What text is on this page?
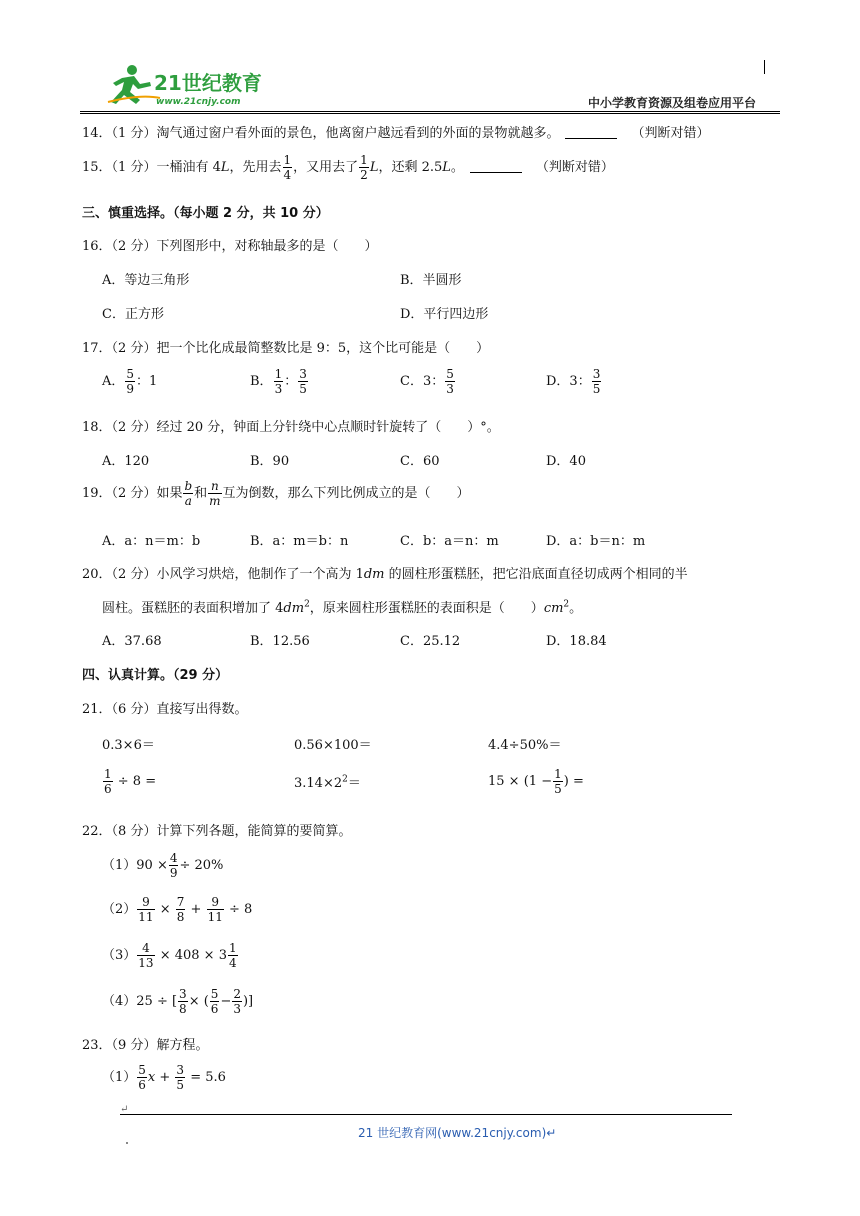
21世纪教育
www.21cnjy.com	中小学教育资源及组卷应用平台
14．（1 分）淘气通过窗户看外面的景色，他离窗户越远看到的外面的景物就越多。	（判断对错）
15．（1 分）一桶油有 4L，先用去 $\frac{1}{4}$ ，又用去了 $\frac{1}{2}$ L，还剩 2.5L。	（判断对错）
三、慎重选择。（每小题 2 分，共 10 分）
16．（2 分）下列图形中，对称轴最多的是（　　）
A．等边三角形	B．半圆形
C．正方形	D．平行四边形
17．（2 分）把一个比化成最简整数比是 9：5，这个比可能是（　　）
A． $\frac{5}{9}$ ：1	B． $\frac{1}{3}$ ： $\frac{3}{5}$	C．3： $\frac{5}{3}$	D．3： $\frac{3}{5}$
18．（2 分）经过 20 分，钟面上分针绕中心点顺时针旋转了（　　）°。
A．120	B．90	C．60	D．40
19．（2 分）如果 $\frac{b}{a}$ 和 $\frac{n}{m}$ 互为倒数，那么下列比例成立的是（　　）
A．a：n＝m：b	B．a：m＝b：n	C．b：a＝n：m	D．a：b＝n：m
20．（2 分）小风学习烘焙，他制作了一个高为 1dm 的圆柱形蛋糕胚，把它沿底面直径切成两个相同的半
圆柱。蛋糕胚的表面积增加了 $4dm^2$，原来圆柱形蛋糕胚的表面积是（　　）$cm^2$。
A．37.68	B．12.56	C．25.12	D．18.84
四、认真计算。（29 分）
21．（6 分）直接写出得数。
0.3×6＝	0.56×100＝	4.4÷50%＝
$\frac{1}{6} \div 8$ =	$3.14\times 2^2=$	$15 \times (1 - \frac{1}{5}$ ) =
22．（8 分）计算下列各题，能简算的要简算。
$(1)90 \times \frac{4}{9} \div 20\%$
$(2) \frac{9}{11} \times \frac{7}{8} + \frac{9}{11} \div 8$
$(3) \frac{4}{13} \times 408 \times 3 \frac{1}{4}$
（4）25 ÷ [ $\frac{3}{8}$ × ( $\frac{5}{6} - \frac{2}{3}$ )]
23．（9 分）解方程。
$(1) \frac{5}{6}$ $x + \frac{3}{5} = 5.6$
↵
21 世纪教育网(www.21cnjy.com)↵
